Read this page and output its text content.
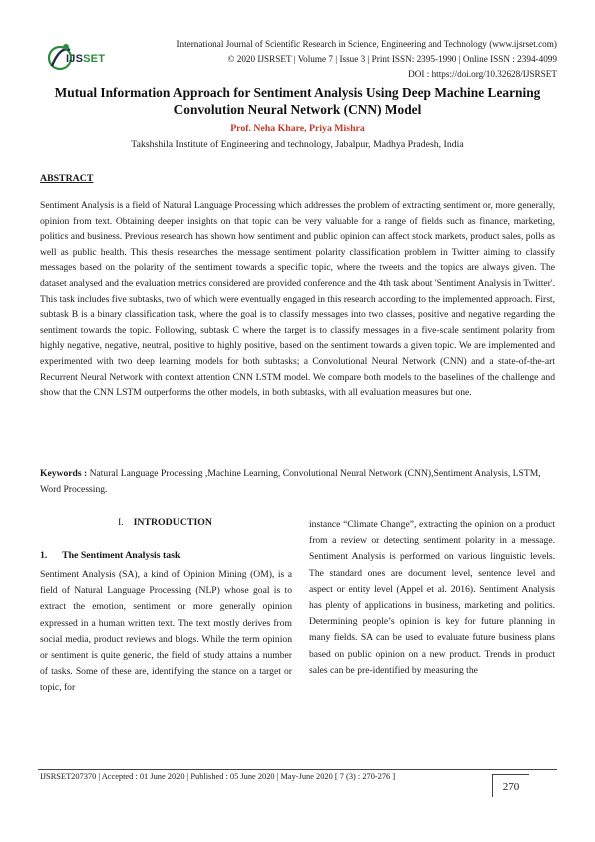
IJSSET
International Journal of Scientific Research in Science, Engineering and Technology (www.ijsrset.com)
© 2020 IJSRSET | Volume 7 | Issue 3 | Print ISSN: 2395-1990 | Online ISSN : 2394-4099
DOI : https://doi.org/10.32628/IJSRSET
Mutual Information Approach for Sentiment Analysis Using Deep Machine Learning Convolution Neural Network (CNN) Model
Prof. Neha Khare, Priya Mishra
Takshshila Institute of Engineering and technology, Jabalpur, Madhya Pradesh, India
ABSTRACT
Sentiment Analysis is a field of Natural Language Processing which addresses the problem of extracting sentiment or, more generally, opinion from text. Obtaining deeper insights on that topic can be very valuable for a range of fields such as finance, marketing, politics and business. Previous research has shown how sentiment and public opinion can affect stock markets, product sales, polls as well as public health. This thesis researches the message sentiment polarity classification problem in Twitter aiming to classify messages based on the polarity of the sentiment towards a specific topic, where the tweets and the topics are always given. The dataset analysed and the evaluation metrics considered are provided conference and the 4th task about 'Sentiment Analysis in Twitter'. This task includes five subtasks, two of which were eventually engaged in this research according to the implemented approach. First, subtask B is a binary classification task, where the goal is to classify messages into two classes, positive and negative regarding the sentiment towards the topic. Following, subtask C where the target is to classify messages in a five-scale sentiment polarity from highly negative, negative, neutral, positive to highly positive, based on the sentiment towards a given topic. We are implemented and experimented with two deep learning models for both subtasks; a Convolutional Neural Network (CNN) and a state-of-the-art Recurrent Neural Network with context attention CNN LSTM model. We compare both models to the baselines of the challenge and show that the CNN LSTM outperforms the other models, in both subtasks, with all evaluation measures but one.
Keywords : Natural Language Processing ,Machine Learning, Convolutional Neural Network (CNN),Sentiment Analysis, LSTM, Word Processing.
I. INTRODUCTION
1. The Sentiment Analysis task
Sentiment Analysis (SA), a kind of Opinion Mining (OM), is a field of Natural Language Processing (NLP) whose goal is to extract the emotion, sentiment or more generally opinion expressed in a human written text. The text mostly derives from social media, product reviews and blogs. While the term opinion or sentiment is quite generic, the field of study attains a number of tasks. Some of these are, identifying the stance on a target or topic, for
instance “Climate Change”, extracting the opinion on a product from a review or detecting sentiment polarity in a message. Sentiment Analysis is performed on various linguistic levels. The standard ones are document level, sentence level and aspect or entity level (Appel et al. 2016). Sentiment Analysis has plenty of applications in business, marketing and politics. Determining people’s opinion is key for future planning in many fields. SA can be used to evaluate future business plans based on public opinion on a new product. Trends in product sales can be pre-identified by measuring the
IJSRSET207370 | Accepted : 01 June 2020 | Published : 05 June 2020 | May-June 2020 [ 7 (3) : 270-276 ]
270
